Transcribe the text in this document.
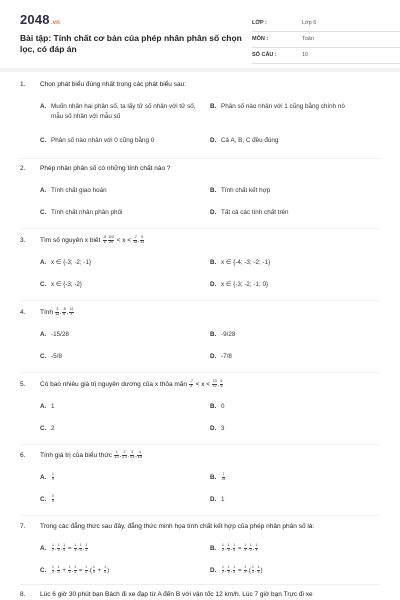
2048.vn
Bài tập: Tính chất cơ bản của phép nhân phân số chọn lọc, có đáp án
LỚP :	Lớp 6
MÔN :	Toán
SỐ CÂU :	10
1. Chọn phát biểu đúng nhất trong các phát biểu sau:
A. Muốn nhân hai phân số, ta lấy tử số nhân với tử số, mẫu số nhân với mẫu số
B. Phân số nào nhân với 1 cũng bằng chính nó
C. Phân số nào nhân với 0 cũng bằng 0	D. Cả A, B, C đều đúng
2. Phép nhân phân số có những tính chất nào ?
A. Tính chất giao hoán	B. Tính chất kết hợp
C. Tính chất nhân phân phối	D. Tất cả các tính chất trên
3. Tìm số nguyên x biết $\frac{-5}{6} \frac{120}{25} < x < \frac{-7}{15}$ . $\frac{9}{14}$
A. x ∈ {-3; -2; -1}	B. x ∈ {-4; -3; -2; -1}
C. x ∈ {-3; -2}	D. x ∈ {-3; -2; -1; 0}
4. Tính $\frac{3}{14}$ . $\frac{-5}{8}$ . $\frac{14}{3}$
A. -15/28	B. -9/28
C. -5/8	D. -7/8
5. Có bao nhiêu giá trị nguyên dương của x thỏa mãn $\frac{-7}{3} < x < \frac{13}{12}$ . $\frac{6}{5}$
A. 1	B. 0
C. 2	D. 3
6. Tính giá trị của biểu thức $\frac{1}{1.2}$ . $\frac{2}{2.3}$ . $\frac{3}{3.4}$ . $\frac{4}{4.5}$
A. $\frac{1}{5}$	B. $\frac{1}{15}$
C. $\frac{4}{5}$	D. 1
7. Trong các đẳng thức sau đây, đẳng thức minh họa tính chất kết hợp của phép nhân phân số là:
A. $\frac{1}{2}$ . $\frac{1}{3}$ . $\frac{1}{4} = \frac{1}{3}$ . $\frac{1}{4}$ . $\frac{1}{2}$	B. $\frac{1}{2}$ . $\frac{1}{3}$ . $\frac{1}{4} = \frac{1}{3}$ . $\frac{1}{2}$ . $\frac{1}{4}$
C. $\frac{1}{2}$ . $\frac{1}{3} + \frac{1}{2}$ . $\frac{1}{4} = \frac{1}{2}$ .( $\frac{1}{3} + \frac{1}{4}$ )	D. $\frac{1}{2}$ . $\frac{1}{3}$ . $\frac{1}{4} = \frac{1}{2}$ .( $\frac{1}{3}$ . $\frac{1}{4}$ )
8. Lúc 6 giờ 30 phút bạn Bách đi xe đạp từ A đến B với vận tốc 12 km/h. Lúc 7 giờ bạn Trực đi xe
